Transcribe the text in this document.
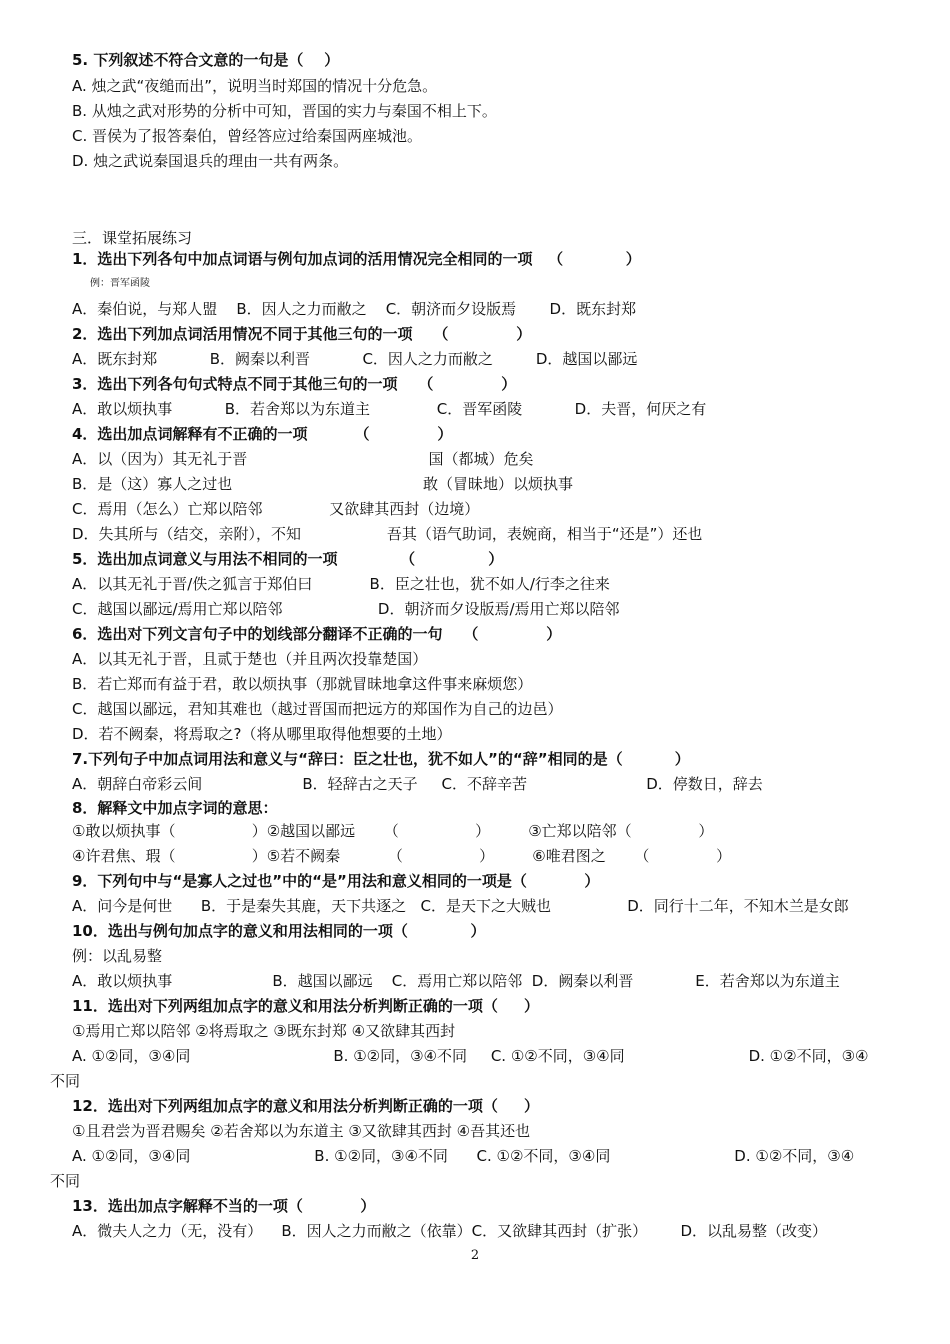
5. 下列叙述不符合文意的一句是（    ）
A. 烛之武“夜缒而出”，说明当时郑国的情况十分危急。
B. 从烛之武对形势的分析中可知，晋国的实力与秦国不相上下。
C. 晋侯为了报答秦伯，曾经答应过给秦国两座城池。
D. 烛之武说秦国退兵的理由一共有两条。
三．课堂拓展练习
1．选出下列各句中加点词语与例句加点词的活用情况完全相同的一项   （            ）
例：晋军函陵
A．秦伯说，与郑人盟    B．因人之力而敝之    C．朝济而夕设版焉       D．既东封郑
2．选出下列加点词活用情况不同于其他三句的一项    （             ）
A．既东封郑           B．阙秦以利晋           C．因人之力而敝之         D．越国以鄙远
3．选出下列各句句式特点不同于其他三句的一项    （             ）
A．敢以烦执事           B．若舍郑以为东道主              C．晋军函陵           D．夫晋，何厌之有
4．选出加点词解释有不正确的一项         （             ）
A．以（因为）其无礼于晋                                      国（都城）危矣
B．是（这）寡人之过也                                        敢（冒昧地）以烦执事
C．焉用（怎么）亡郑以陪邻              又欲肆其西封（边境）
D．失其所与（结交，亲附），不知                  吾其（语气助词，表婉商，相当于“还是”）还也
5．选出加点词意义与用法不相同的一项            （              ）
A．以其无礼于晋/佚之狐言于郑伯曰            B．臣之壮也，犹不如人/行李之往来
C．越国以鄙远/焉用亡郑以陪邻                    D．朝济而夕设版焉/焉用亡郑以陪邻
6．选出对下列文言句子中的划线部分翻译不正确的一句    （             ）
A．以其无礼于晋，且贰于楚也（并且两次投靠楚国）
B．若亡郑而有益于君，敢以烦执事（那就冒昧地拿这件事来麻烦您）
C．越国以鄙远，君知其难也（越过晋国而把远方的郑国作为自己的边邑）
D．若不阙秦，将焉取之?（将从哪里取得他想要的土地）
7.下列句子中加点词用法和意义与“辞曰：臣之壮也，犹不如人”的“辞”相同的是（          ）
A．朝辞白帝彩云间                     B．轻辞古之天子     C．不辞辛苦                         D．停数日，辞去
8．解释文中加点字词的意思：
①敢以烦执事（                ）②越国以鄙远      （                ）        ③亡郑以陪邻（              ）
④许君焦、瑕（                ）⑤若不阙秦          （                ）        ⑥唯君图之      （              ）
9．下列句中与“是寡人之过也”中的“是”用法和意义相同的一项是（           ）
A．问今是何世      B．于是秦失其鹿，天下共逐之   C．是天下之大贼也                D．同行十二年，不知木兰是女郎
10．选出与例句加点字的意义和用法相同的一项（            ）
例：以乱易整
A．敢以烦执事                     B．越国以鄙远    C．焉用亡郑以陪邻  D．阙秦以利晋             E．若舍郑以为东道主
11．选出对下列两组加点字的意义和用法分析判断正确的一项（     ）
①焉用亡郑以陪邻 ②将焉取之 ③既东封郑 ④又欲肆其西封
A. ①②同，③④同                              B. ①②同，③④不同     C. ①②不同，③④同                          D. ①②不同，③④
不同
12．选出对下列两组加点字的意义和用法分析判断正确的一项（     ）
①且君尝为晋君赐矣 ②若舍郑以为东道主 ③又欲肆其西封 ④吾其还也
A. ①②同，③④同                          B. ①②同，③④不同      C. ①②不同，③④同                          D. ①②不同，③④
不同
13．选出加点字解释不当的一项（           ）
A．微夫人之力（无，没有）    B．因人之力而敝之（依靠）C．又欲肆其西封（扩张）       D．以乱易整（改变）
2
